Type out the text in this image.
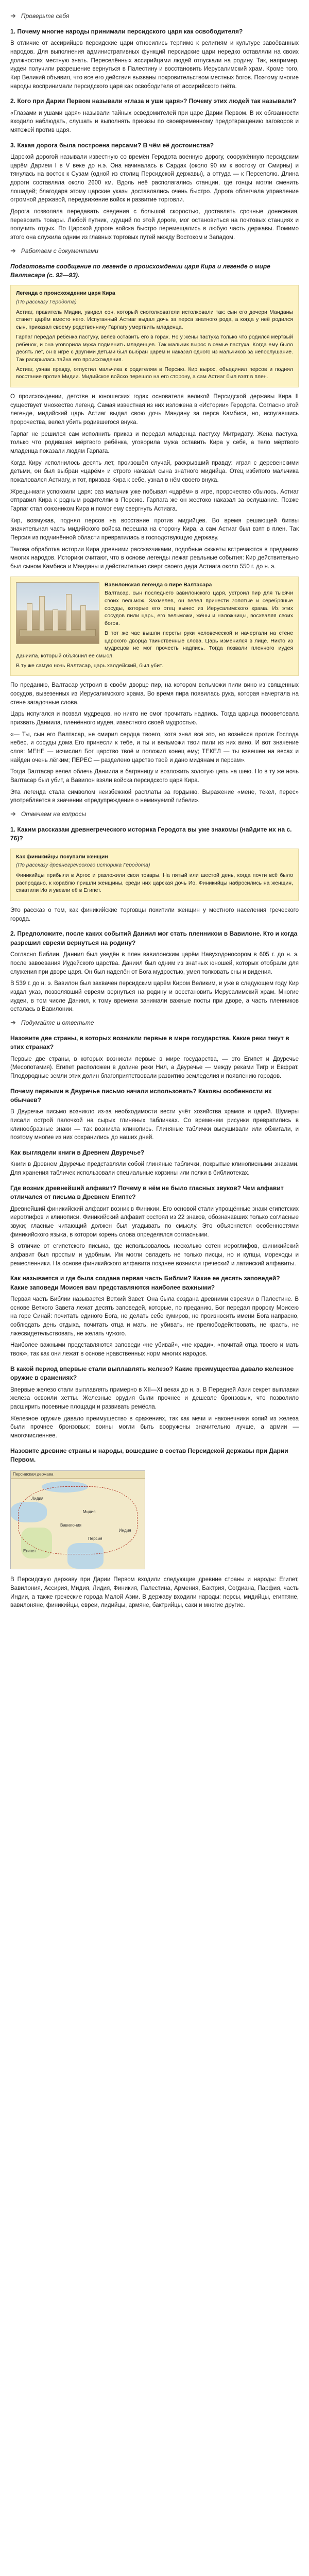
➜ Проверьте себя
1. Почему многие народы принимали персидского царя как освободителя?

В отличие от ассирийцев персидские цари относились терпимо к религиям и культуре завоёванных народов. Для выполнения административных функций персидские цари нередко оставляли на своих должностях местную знать. Переселённых ассирийцами людей отпускали на родину. Так, например, иудеи получили разрешение вернуться в Палестину и восстановить Иерусалимский храм. Кроме того, Кир Великий объявил, что все его действия вызваны покровительством местных богов. Поэтому многие народы воспринимали персидского царя как освободителя от ассирийского гнёта.

2. Кого при Дарии Первом называли «глаза и уши царя»? Почему этих людей так называли?

«Глазами и ушами царя» называли тайных осведомителей при царе Дарии Первом. В их обязанности входило наблюдать, слушать и выполнять приказы по своевременному предотвращению заговоров и мятежей против царя.

3. Какая дорога была построена персами? В чём её достоинства?

Царской дорогой называли известную со времён Геродота военную дорогу, сооружённую персидским царём Дарием I в V веке до н.э. Она начиналась в Сардах (около 90 км к востоку от Смирны) и тянулась на восток к Сузам (одной из столиц Персидской державы), а оттуда — к Персеполю. Длина дороги составляла около 2600 км. Вдоль неё располагались станции, где гонцы могли сменить лошадей; благодаря этому царские указы доставлялись очень быстро. Дорога облегчала управление огромной державой, передвижение войск и развитие торговли.

Дорога позволяла передавать сведения с большой скоростью, доставлять срочные донесения, перевозить товары. Любой путник, идущий по этой дороге, мог остановиться на почтовых станциях и получить отдых. По Царской дороге войска быстро перемещались в любую часть державы. Помимо этого она служила одним из главных торговых путей между Востоком и Западом.

➜ Работаем с документами
Подготовьте сообщение по легенде о происхождении царя Кира и легенде о мире Валтасара (с. 92—93).
Легенда о происхождении царя Кира
(По рассказу Геродота)

Астиаг, правитель Мидии, увидел сон, который снотолкователи истолковали так: сын его дочери Манданы станет царём вместо него. Испуганный Астиаг выдал дочь за перса знатного рода, а когда у неё родился сын, приказал своему родственнику Гарпагу умертвить младенца.

Гарпаг передал ребёнка пастуху, велев оставить его в горах. Но у жены пастуха только что родился мёртвый ребёнок, и она уговорила мужа подменить младенцев. Так мальчик вырос в семье пастуха. Когда ему было десять лет, он в игре с другими детьми был выбран царём и наказал одного из мальчиков за непослушание. Так раскрылась тайна его происхождения.

Астиаг, узнав правду, отпустил мальчика к родителям в Персию. Кир вырос, объединил персов и поднял восстание против Мидии. Мидийское войско перешло на его сторону, а сам Астиаг был взят в плен.

О происхождении, детстве и юношеских годах основателя великой Персидской державы Кира II существует множество легенд. Самая известная из них изложена в «Истории» Геродота. Согласно этой легенде, мидийский царь Астиаг выдал свою дочь Мандану за перса Камбиса, но, испугавшись пророчества, велел убить родившегося внука.

Гарпаг не решился сам исполнить приказ и передал младенца пастуху Митридату. Жена пастуха, только что родившая мёртвого ребёнка, уговорила мужа оставить Кира у себя, а тело мёртвого младенца показали людям Гарпага.

Когда Киру исполнилось десять лет, произошёл случай, раскрывший правду: играя с деревенскими детьми, он был выбран «царём» и строго наказал сына знатного мидийца. Отец избитого мальчика пожаловался Астиагу, и тот, призвав Кира к себе, узнал в нём своего внука.

Жрецы-маги успокоили царя: раз мальчик уже побывал «царём» в игре, пророчество сбылось. Астиаг отправил Кира к родным родителям в Персию. Гарпага же он жестоко наказал за ослушание. Позже Гарпаг стал союзником Кира и помог ему свергнуть Астиага.

Кир, возмужав, поднял персов на восстание против мидийцев. Во время решающей битвы значительная часть мидийского войска перешла на сторону Кира, а сам Астиаг был взят в плен. Так Персия из подчинённой области превратилась в господствующую державу.

Такова обработка истории Кира древними рассказчиками, подобные сюжеты встречаются в преданиях многих народов. Историки считают, что в основе легенды лежат реальные события: Кир действительно был сыном Камбиса и Манданы и действительно сверг своего деда Астиага около 550 г. до н. э.

Вавилонская легенда о пире Валтасара

Валтасар, сын последнего вавилонского царя, устроил пир для тысячи своих вельмож. Захмелев, он велел принести золотые и серебряные сосуды, которые его отец вынес из Иерусалимского храма. Из этих сосудов пили царь, его вельможи, жёны и наложницы, восхваляя своих богов.

В тот же час вышли персты руки человеческой и начертали на стене царского дворца таинственные слова. Царь изменился в лице. Никто из мудрецов не мог прочесть надпись. Тогда позвали пленного иудея Даниила, который объяснил её смысл.

В ту же самую ночь Валтасар, царь халдейский, был убит.

По преданию, Валтасар устроил в своём дворце пир, на котором вельможи пили вино из священных сосудов, вывезенных из Иерусалимского храма. Во время пира появилась рука, которая начертала на стене загадочные слова.

Царь испугался и позвал мудрецов, но никто не смог прочитать надпись. Тогда царица посоветовала призвать Даниила, пленённого иудея, известного своей мудростью.

«— Ты, сын его Валтасар, не смирил сердца твоего, хотя знал всё это, но вознёсся против Господа небес, и сосуды дома Его принесли к тебе, и ты и вельможи твои пили из них вино. И вот значение слов: МЕНЕ — исчислил Бог царство твоё и положил конец ему; ТЕКЕЛ — ты взвешен на весах и найден очень лёгким; ПЕРЕС — разделено царство твоё и дано мидянам и персам».

Тогда Валтасар велел облечь Даниила в багряницу и возложить золотую цепь на шею. Но в ту же ночь Валтасар был убит, а Вавилон взяли войска персидского царя Кира.

Эта легенда стала символом неизбежной расплаты за гордыню. Выражение «мене, текел, перес» употребляется в значении «предупреждение о неминуемой гибели».

➜ Отвечаем на вопросы
1. Каким рассказам древнегреческого историка Геродота вы уже знакомы (найдите их на с. 76)?
Как финикийцы покупали женщин
(По рассказу древнегреческого историка Геродота)

Финикийцы прибыли в Аргос и разложили свои товары. На пятый или шестой день, когда почти всё было распродано, к кораблю пришли женщины, среди них царская дочь Ио. Финикийцы набросились на женщин, схватили Ио и увезли её в Египет.

Это рассказ о том, как финикийские торговцы похитили женщин у местного населения греческого города.

2. Предположите, после каких событий Даниил мог стать пленником в Вавилоне. Кто и когда разрешил евреям вернуться на родину?

Согласно Библии, Даниил был уведён в плен вавилонским царём Навуходоносором в 605 г. до н. э. после завоевания Иудейского царства. Даниил был одним из знатных юношей, которых отобрали для служения при дворе царя. Он был наделён от Бога мудростью, умел толковать сны и видения.

В 539 г. до н. э. Вавилон был захвачен персидским царём Киром Великим, и уже в следующем году Кир издал указ, позволявший евреям вернуться на родину и восстановить Иерусалимский храм. Многие иудеи, в том числе Даниил, к тому времени занимали важные посты при дворе, а часть пленников осталась в Вавилонии.

➜ Подумайте и ответьте
Назовите две страны, в которых возникли первые в мире государства. Какие реки текут в этих странах?

Первые две страны, в которых возникли первые в мире государства, — это Египет и Двуречье (Месопотамия). Египет расположен в долине реки Нил, а Двуречье — между реками Тигр и Евфрат. Плодородные земли этих долин благоприятствовали развитию земледелия и появлению городов.

Почему первыми в Двуречье письмо начали использовать? Каковы особенности их обычаев?

В Двуречье письмо возникло из-за необходимости вести учёт хозяйства храмов и царей. Шумеры писали острой палочкой на сырых глиняных табличках. Со временем рисунки превратились в клинообразные знаки — так возникла клинопись. Глиняные таблички высушивали или обжигали, и поэтому многие из них сохранились до наших дней.

Как выглядели книги в Древнем Двуречье?

Книги в Древнем Двуречье представляли собой глиняные таблички, покрытые клинописными знаками. Для хранения табличек использовали специальные корзины или полки в библиотеках.

Где возник древнейший алфавит? Почему в нём не было гласных звуков? Чем алфавит отличался от письма в Древнем Египте?

Древнейший финикийский алфавит возник в Финикии. Его основой стали упрощённые знаки египетских иероглифов и клинописи. Финикийский алфавит состоял из 22 знаков, обозначавших только согласные звуки; гласные читающий должен был угадывать по смыслу. Это объясняется особенностями финикийского языка, в котором корень слова определялся согласными.

В отличие от египетского письма, где использовалось несколько сотен иероглифов, финикийский алфавит был простым и удобным. Им могли овладеть не только писцы, но и купцы, мореходы и ремесленники. На основе финикийского алфавита позднее возникли греческий и латинский алфавиты.

Как называется и где была создана первая часть Библии? Какие ее десять заповедей? Какие заповеди Моисея вам представляются наиболее важными?

Первая часть Библии называется Ветхий Завет. Она была создана древними евреями в Палестине. В основе Ветхого Завета лежат десять заповедей, которые, по преданию, Бог передал пророку Моисею на горе Синай: почитать единого Бога, не делать себе кумиров, не произносить имени Бога напрасно, соблюдать день отдыха, почитать отца и мать, не убивать, не прелюбодействовать, не красть, не лжесвидетельствовать, не желать чужого.

Наиболее важными представляются заповеди «не убивай», «не кради», «почитай отца твоего и мать твою», так как они лежат в основе нравственных норм многих народов.

В какой период впервые стали выплавлять железо? Какие преимущества давало железное оружие в сражениях?

Впервые железо стали выплавлять примерно в XII—XI веках до н. э. В Передней Азии секрет выплавки железа освоили хетты. Железные орудия были прочнее и дешевле бронзовых, что позволило расширить посевные площади и развивать ремёсла.

Железное оружие давало преимущество в сражениях, так как мечи и наконечники копий из железа были прочнее бронзовых; воины могли быть вооружены значительно лучше, а армии — многочисленнее.

Назовите древние страны и народы, вошедшие в состав Персидской державы при Дарии Первом.
Персидская держава
Египет
Вавилония
Персия
Индия
Мидия
Лидия

В Персидскую державу при Дарии Первом входили следующие древние страны и народы: Египет, Вавилония, Ассирия, Мидия, Лидия, Финикия, Палестина, Армения, Бактрия, Согдиана, Парфия, часть Индии, а также греческие города Малой Азии. В державу входили народы: персы, мидийцы, египтяне, вавилоняне, финикийцы, евреи, лидийцы, армяне, бактрийцы, саки и многие другие.
